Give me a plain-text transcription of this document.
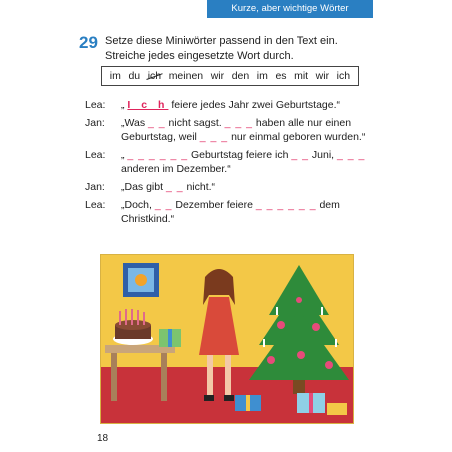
Kurze, aber wichtige Wörter
29 Setze diese Miniwörter passend in den Text ein.
Streiche jedes eingesetzte Wort durch.
im du ich meinen wir den im es mit wir ich
Lea:	„ I c h feiere jedes Jahr zwei Geburtstage.“
Jan:	„Was _ _ nicht sagst. _ _ _ haben alle nur einen Geburtstag, weil _ _ _ nur einmal geboren wurden.“
Lea:	„ _ _ _ _ _ _ Geburtstag feiere ich _ _ Juni, _ _ _ anderen im Dezember.“
Jan:	„Das gibt _ _ nicht.“
Lea:	„Doch, _ _ Dezember feiere _ _ _ _ _ _ dem Christkind.“
18
